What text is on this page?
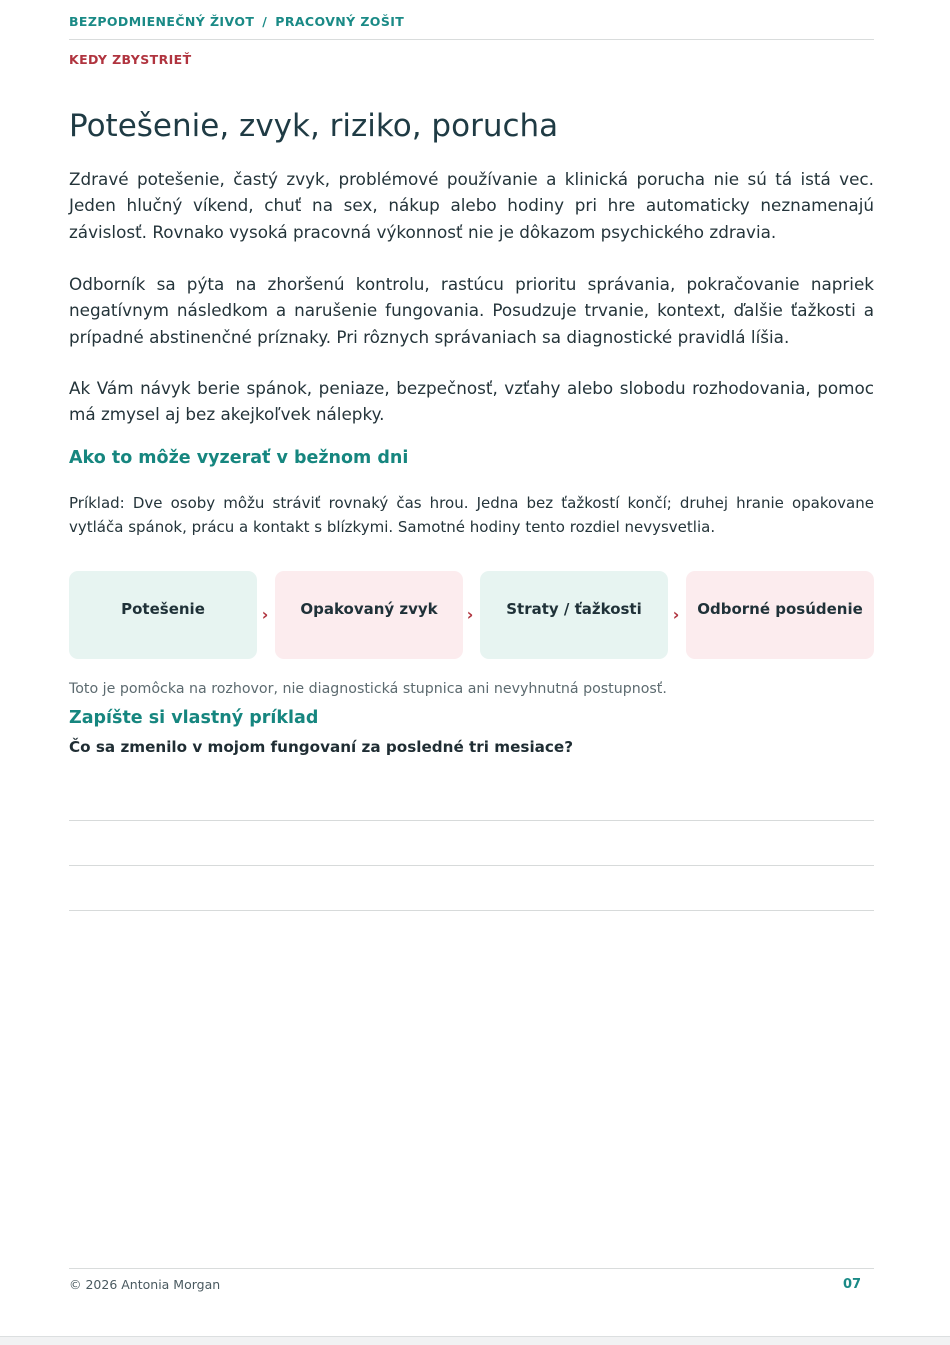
BEZPODMIENEČNÝ ŽIVOT / PRACOVNÝ ZOŠIT
KEDY ZBYSTRIEŤ
Potešenie, zvyk, riziko, porucha

Zdravé potešenie, častý zvyk, problémové používanie a klinická porucha nie sú tá istá vec. Jeden hlučný víkend, chuť na sex, nákup alebo hodiny pri hre automaticky neznamenajú závislosť. Rovnako vysoká pracovná výkonnosť nie je dôkazom psychického zdravia.

Odborník sa pýta na zhoršenú kontrolu, rastúcu prioritu správania, pokračovanie napriek negatívnym následkom a narušenie fungovania. Posudzuje trvanie, kontext, ďalšie ťažkosti a prípadné abstinenčné príznaky. Pri rôznych správaniach sa diagnostické pravidlá líšia.

Ak Vám návyk berie spánok, peniaze, bezpečnosť, vzťahy alebo slobodu rozhodovania, pomoc má zmysel aj bez akejkoľvek nálepky.

Ako to môže vyzerať v bežnom dni

Príklad: Dve osoby môžu stráviť rovnaký čas hrou. Jedna bez ťažkostí končí; druhej hranie opakovane vytláča spánok, prácu a kontakt s blízkymi. Samotné hodiny tento rozdiel nevysvetlia.

Potešenie	›	Opakovaný zvyk	›	Straty / ťažkosti	›	Odborné posúdenie

Toto je pomôcka na rozhovor, nie diagnostická stupnica ani nevyhnutná postupnosť.

Zapíšte si vlastný príklad

Čo sa zmenilo v mojom fungovaní za posledné tri mesiace?

© 2026 Antonia Morgan	07
